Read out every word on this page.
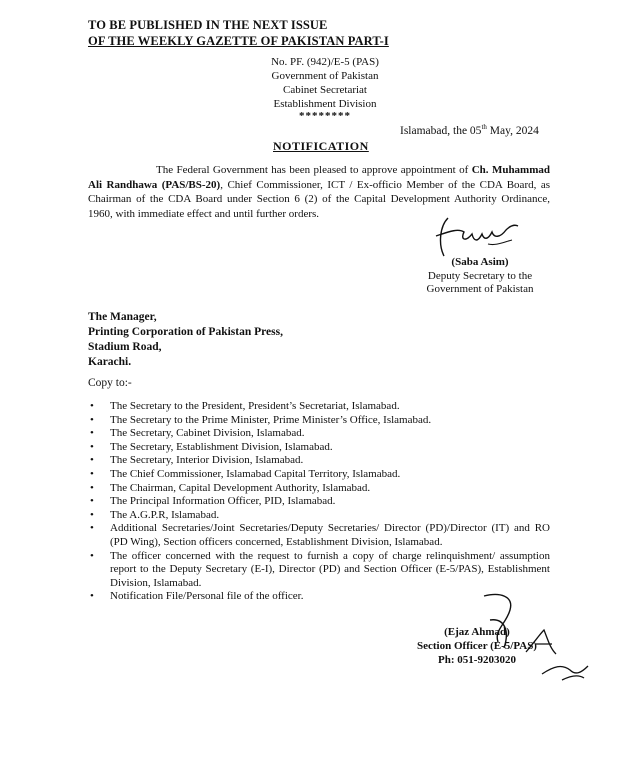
TO BE PUBLISHED IN THE NEXT ISSUE
OF THE WEEKLY GAZETTE OF PAKISTAN PART-I
No. PF. (942)/E-5 (PAS)
Government of Pakistan
Cabinet Secretariat
Establishment Division
********
Islamabad, the 05th May, 2024
NOTIFICATION
The Federal Government has been pleased to approve appointment of Ch. Muhammad Ali Randhawa (PAS/BS-20), Chief Commissioner, ICT / Ex-officio Member of the CDA Board, as Chairman of the CDA Board under Section 6 (2) of the Capital Development Authority Ordinance, 1960, with immediate effect and until further orders.
(Saba Asim)
Deputy Secretary to the
Government of Pakistan
The Manager,
Printing Corporation of Pakistan Press,
Stadium Road,
Karachi.
Copy to:-
• The Secretary to the President, President’s Secretariat, Islamabad.
• The Secretary to the Prime Minister, Prime Minister’s Office, Islamabad.
• The Secretary, Cabinet Division, Islamabad.
• The Secretary, Establishment Division, Islamabad.
• The Secretary, Interior Division, Islamabad.
• The Chief Commissioner, Islamabad Capital Territory, Islamabad.
• The Chairman, Capital Development Authority, Islamabad.
• The Principal Information Officer, PID, Islamabad.
• The A.G.P.R, Islamabad.
• Additional Secretaries/Joint Secretaries/Deputy Secretaries/ Director (PD)/Director (IT) and RO (PD Wing), Section officers concerned, Establishment Division, Islamabad.
• The officer concerned with the request to furnish a copy of charge relinquishment/ assumption report to the Deputy Secretary (E-I), Director (PD) and Section Officer (E-5/PAS), Establishment Division, Islamabad.
• Notification File/Personal file of the officer.
(Ejaz Ahmad)
Section Officer (E-5/PAS)
Ph: 051-9203020
